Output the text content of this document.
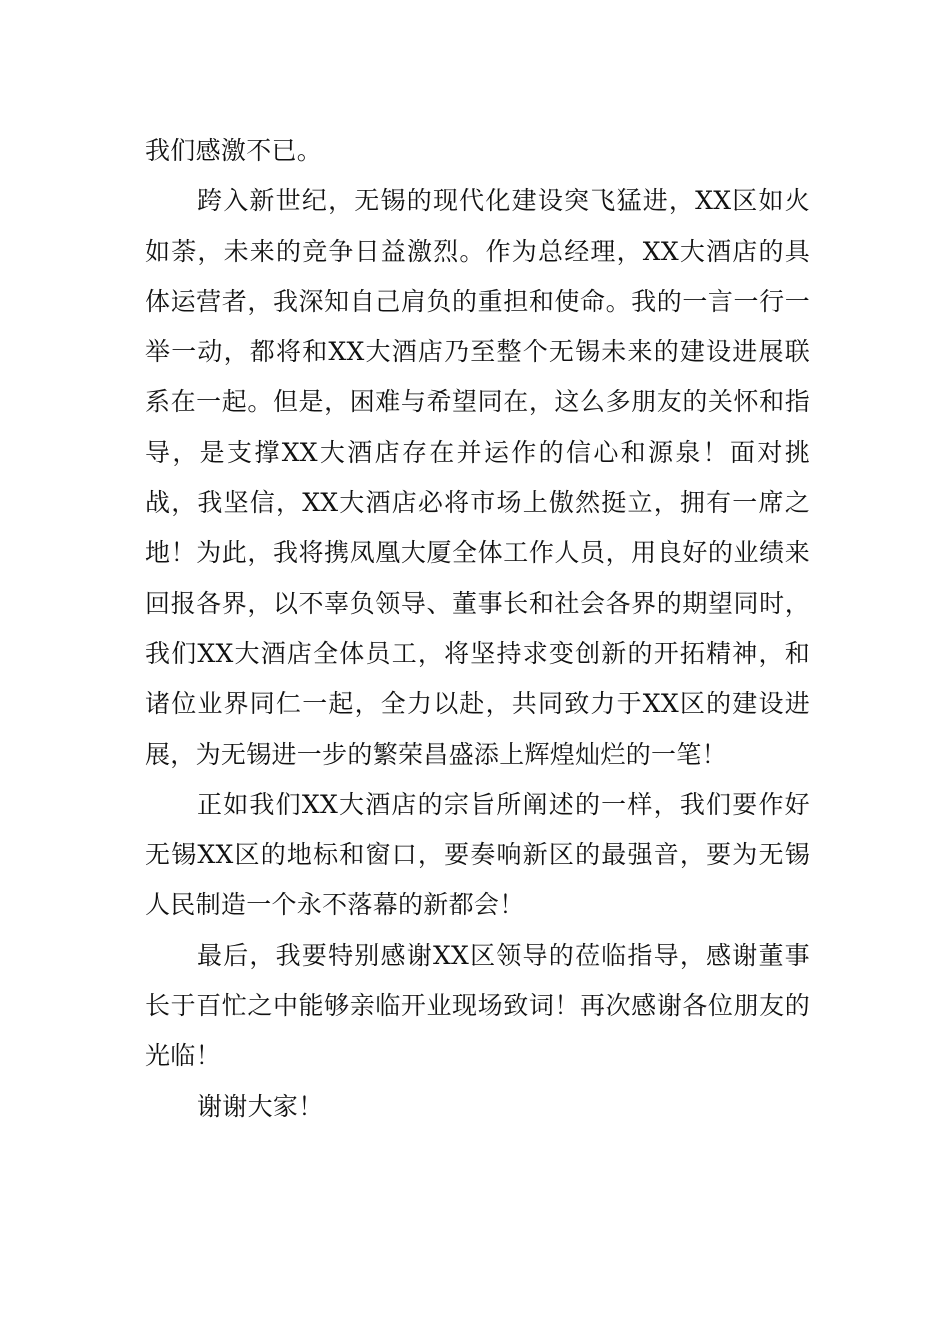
我们感激不已。

跨入新世纪，无锡的现代化建设突飞猛进，XX区如火如荼，未来的竞争日益激烈。作为总经理，XX大酒店的具体运营者，我深知自己肩负的重担和使命。我的一言一行一举一动，都将和XX大酒店乃至整个无锡未来的建设进展联系在一起。但是，困难与希望同在，这么多朋友的关怀和指导，是支撑XX大酒店存在并运作的信心和源泉！面对挑战，我坚信，XX大酒店必将市场上傲然挺立，拥有一席之地！为此，我将携凤凰大厦全体工作人员，用良好的业绩来回报各界，以不辜负领导、董事长和社会各界的期望同时，我们XX大酒店全体员工，将坚持求变创新的开拓精神，和诸位业界同仁一起，全力以赴，共同致力于XX区的建设进展，为无锡进一步的繁荣昌盛添上辉煌灿烂的一笔！

正如我们XX大酒店的宗旨所阐述的一样，我们要作好无锡XX区的地标和窗口，要奏响新区的最强音，要为无锡人民制造一个永不落幕的新都会！

最后，我要特别感谢XX区领导的莅临指导，感谢董事长于百忙之中能够亲临开业现场致词！再次感谢各位朋友的光临！

谢谢大家！
